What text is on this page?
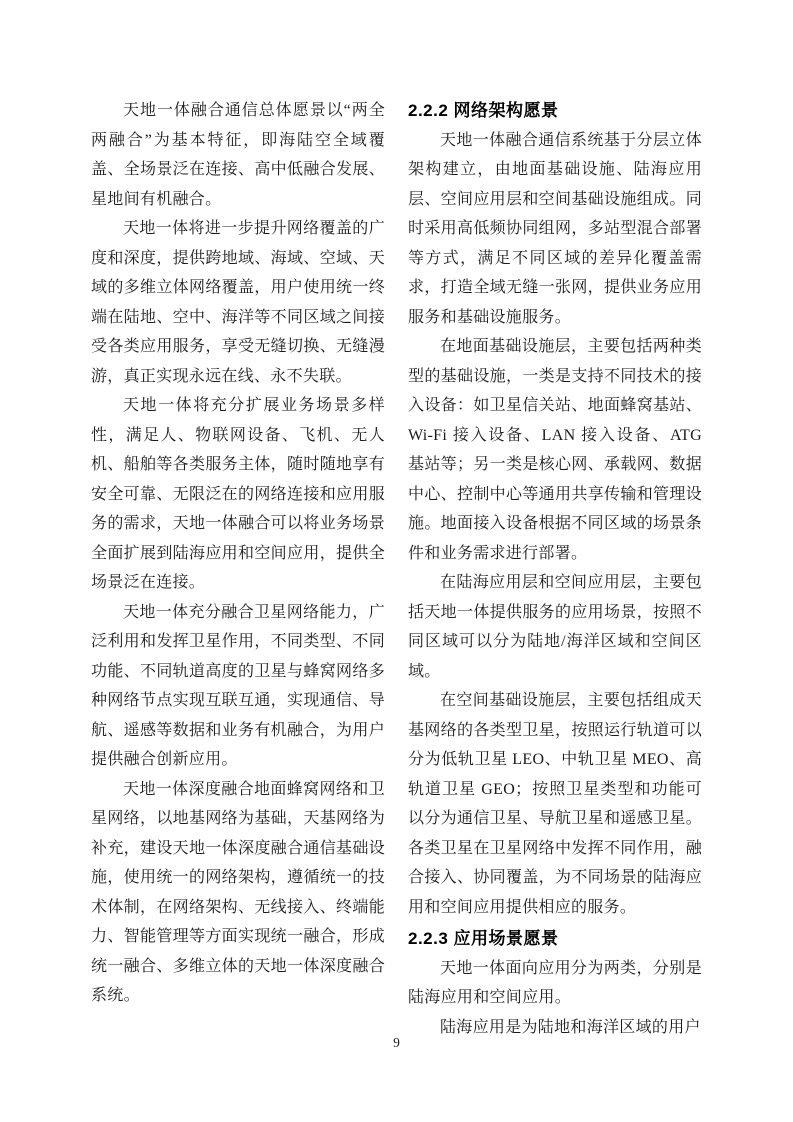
天地一体融合通信总体愿景以“两全两融合”为基本特征，即海陆空全域覆盖、全场景泛在连接、高中低融合发展、星地间有机融合。

天地一体将进一步提升网络覆盖的广度和深度，提供跨地域、海域、空域、天域的多维立体网络覆盖，用户使用统一终端在陆地、空中、海洋等不同区域之间接受各类应用服务，享受无缝切换、无缝漫游，真正实现永远在线、永不失联。

天地一体将充分扩展业务场景多样性，满足人、物联网设备、飞机、无人机、船舶等各类服务主体，随时随地享有安全可靠、无限泛在的网络连接和应用服务的需求，天地一体融合可以将业务场景全面扩展到陆海应用和空间应用，提供全场景泛在连接。

天地一体充分融合卫星网络能力，广泛利用和发挥卫星作用，不同类型、不同功能、不同轨道高度的卫星与蜂窝网络多种网络节点实现互联互通，实现通信、导航、遥感等数据和业务有机融合，为用户提供融合创新应用。

天地一体深度融合地面蜂窝网络和卫星网络，以地基网络为基础，天基网络为补充，建设天地一体深度融合通信基础设施，使用统一的网络架构，遵循统一的技术体制，在网络架构、无线接入、终端能力、智能管理等方面实现统一融合，形成统一融合、多维立体的天地一体深度融合系统。

2.2.2 网络架构愿景

天地一体融合通信系统基于分层立体架构建立，由地面基础设施、陆海应用层、空间应用层和空间基础设施组成。同时采用高低频协同组网，多站型混合部署等方式，满足不同区域的差异化覆盖需求，打造全域无缝一张网，提供业务应用服务和基础设施服务。

在地面基础设施层，主要包括两种类型的基础设施，一类是支持不同技术的接入设备：如卫星信关站、地面蜂窝基站、Wi-Fi 接入设备、LAN 接入设备、ATG 基站等；另一类是核心网、承载网、数据中心、控制中心等通用共享传输和管理设施。地面接入设备根据不同区域的场景条件和业务需求进行部署。

在陆海应用层和空间应用层，主要包括天地一体提供服务的应用场景，按照不同区域可以分为陆地/海洋区域和空间区域。

在空间基础设施层，主要包括组成天基网络的各类型卫星，按照运行轨道可以分为低轨卫星 LEO、中轨卫星 MEO、高轨道卫星 GEO；按照卫星类型和功能可以分为通信卫星、导航卫星和遥感卫星。各类卫星在卫星网络中发挥不同作用，融合接入、协同覆盖，为不同场景的陆海应用和空间应用提供相应的服务。

2.2.3 应用场景愿景

天地一体面向应用分为两类，分别是陆海应用和空间应用。

陆海应用是为陆地和海洋区域的用户

9
